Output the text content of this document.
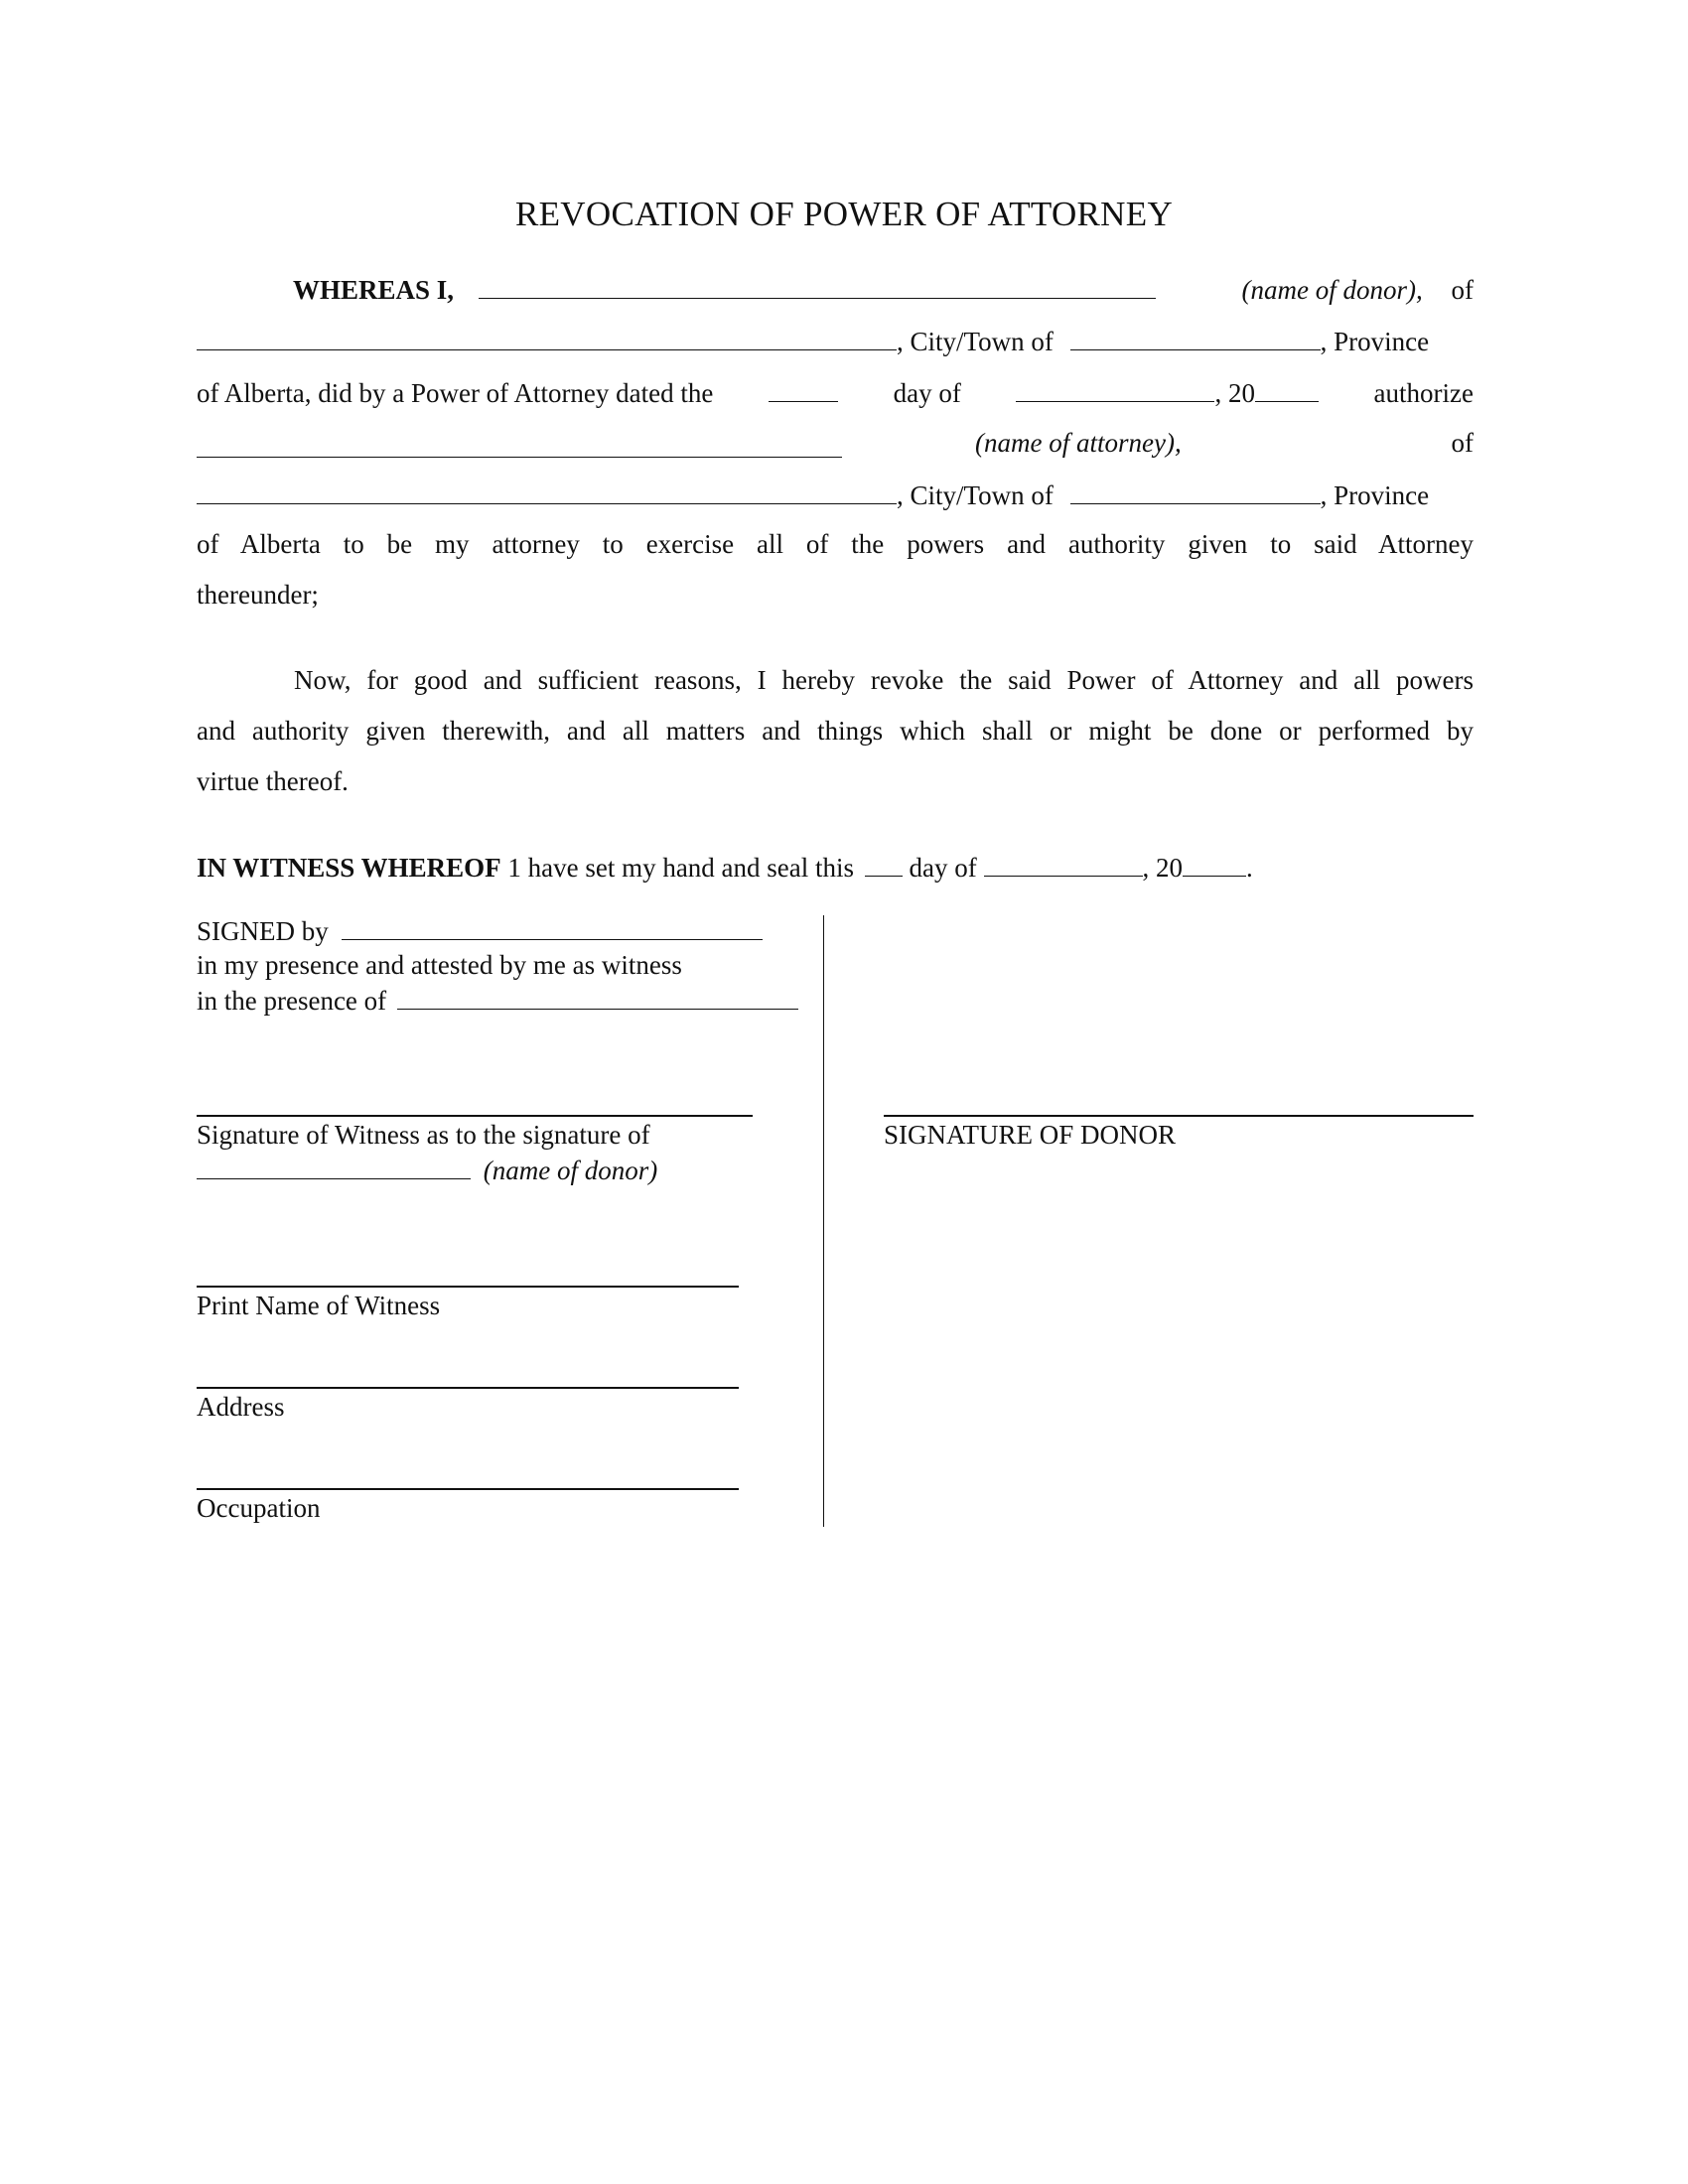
REVOCATION OF POWER OF ATTORNEY
WHEREAS I,	(name of donor), of
, City/Town of	, Province
of Alberta, did by a Power of Attorney dated the	day of	, 20	authorize
(name of attorney),	of
, City/Town of	, Province
of Alberta to be my attorney to exercise all of the powers and authority given to said Attorney
thereunder;
Now, for good and sufficient reasons, I hereby revoke the said Power of Attorney and all powers
and authority given therewith, and all matters and things which shall or might be done or performed by
virtue thereof.
IN WITNESS WHEREOF 1 have set my hand and seal this day of	, 20 .
SIGNED by
in my presence and attested by me as witness
in the presence of
Signature of Witness as to the signature of
(name of donor)
SIGNATURE OF DONOR
Print Name of Witness
Address
Occupation
